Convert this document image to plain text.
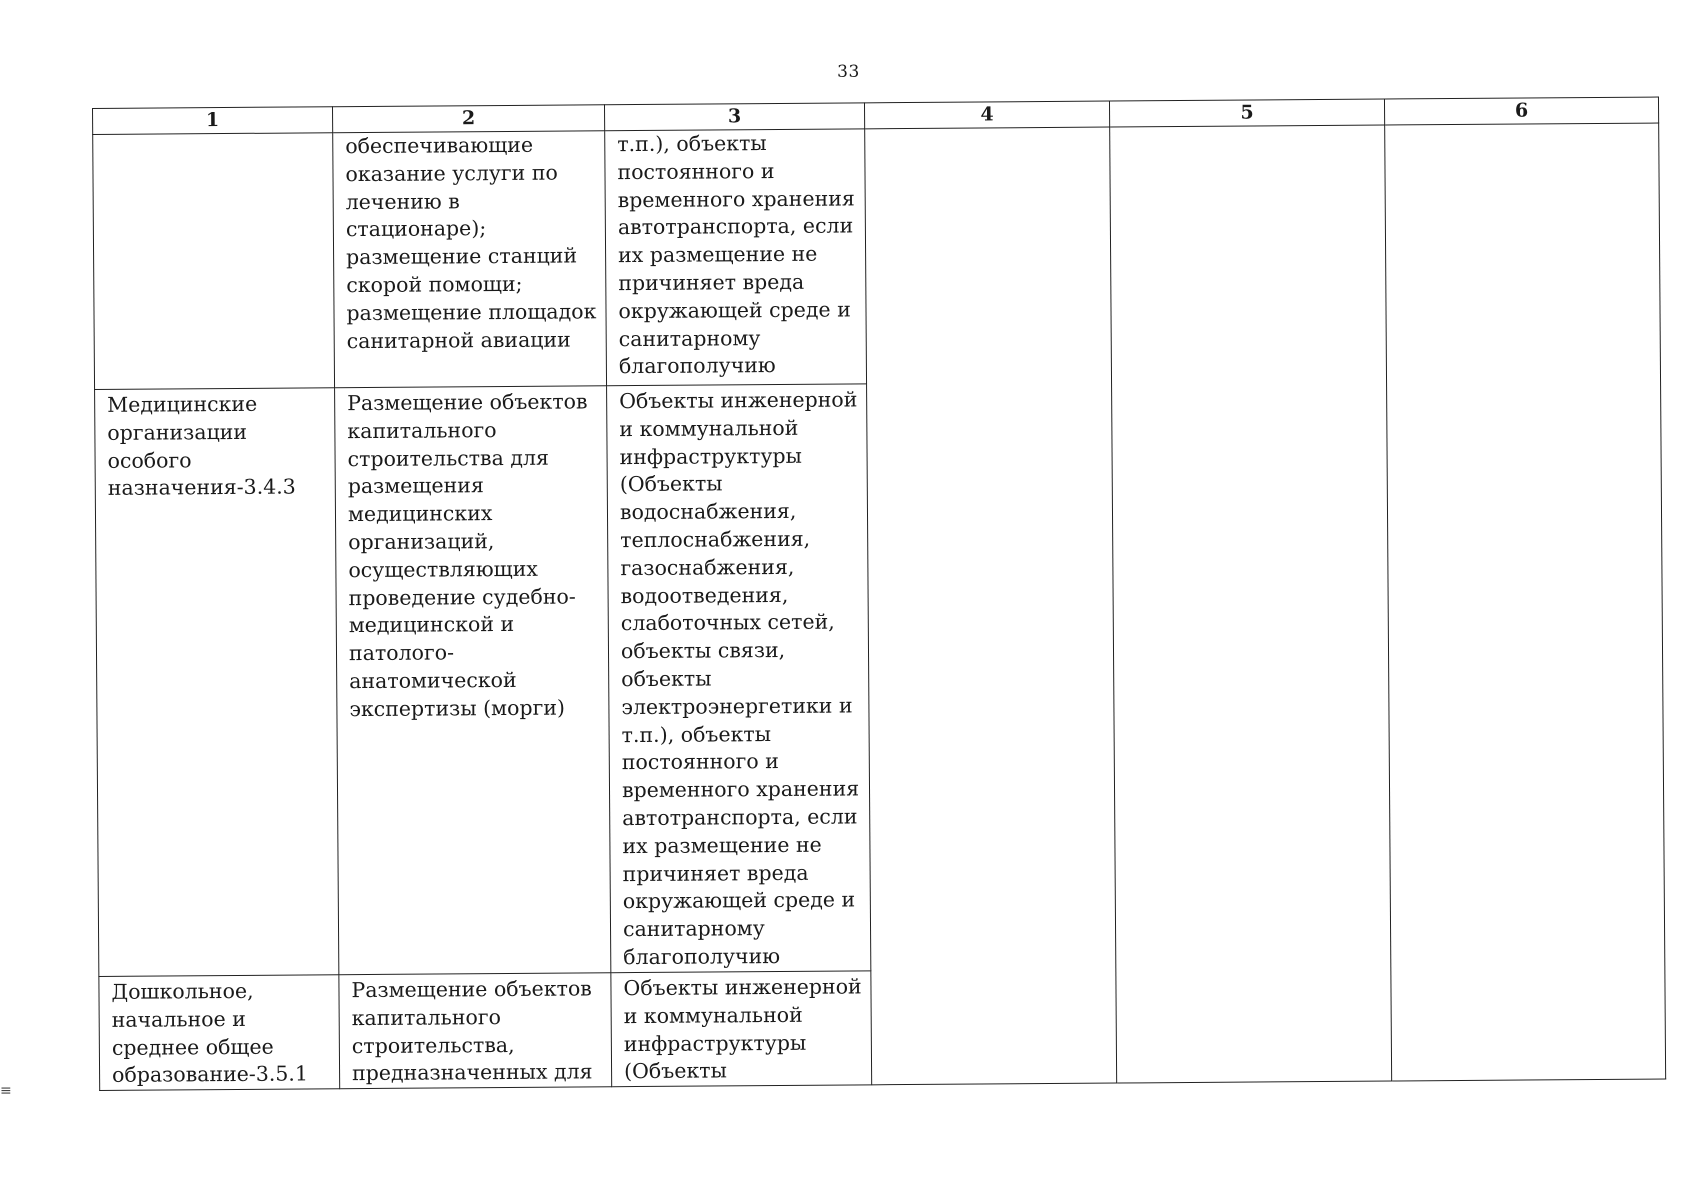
33
1	2	3	4	5	6
	обеспечивающие оказание услуги по лечению в стационаре); размещение станций скорой помощи; размещение площадок санитарной авиации	т.п.), объекты постоянного и временного хранения автотранспорта, если их размещение не причиняет вреда окружающей среде и санитарному благополучию			
Медицинские организации особого назначения-3.4.3	Размещение объектов капитального строительства для размещения медицинских организаций, осуществляющих проведение судебно-медицинской и патолого-анатомической экспертизы (морги)	Объекты инженерной и коммунальной инфраструктуры (Объекты водоснабжения, теплоснабжения, газоснабжения, водоотведения, слаботочных сетей, объекты связи, объекты электроэнергетики и т.п.), объекты постоянного и временного хранения автотранспорта, если их размещение не причиняет вреда окружающей среде и санитарному благополучию			
Дошкольное, начальное и среднее общее образование-3.5.1	Размещение объектов капитального строительства, предназначенных для	Объекты инженерной и коммунальной инфраструктуры (Объекты			
≡
